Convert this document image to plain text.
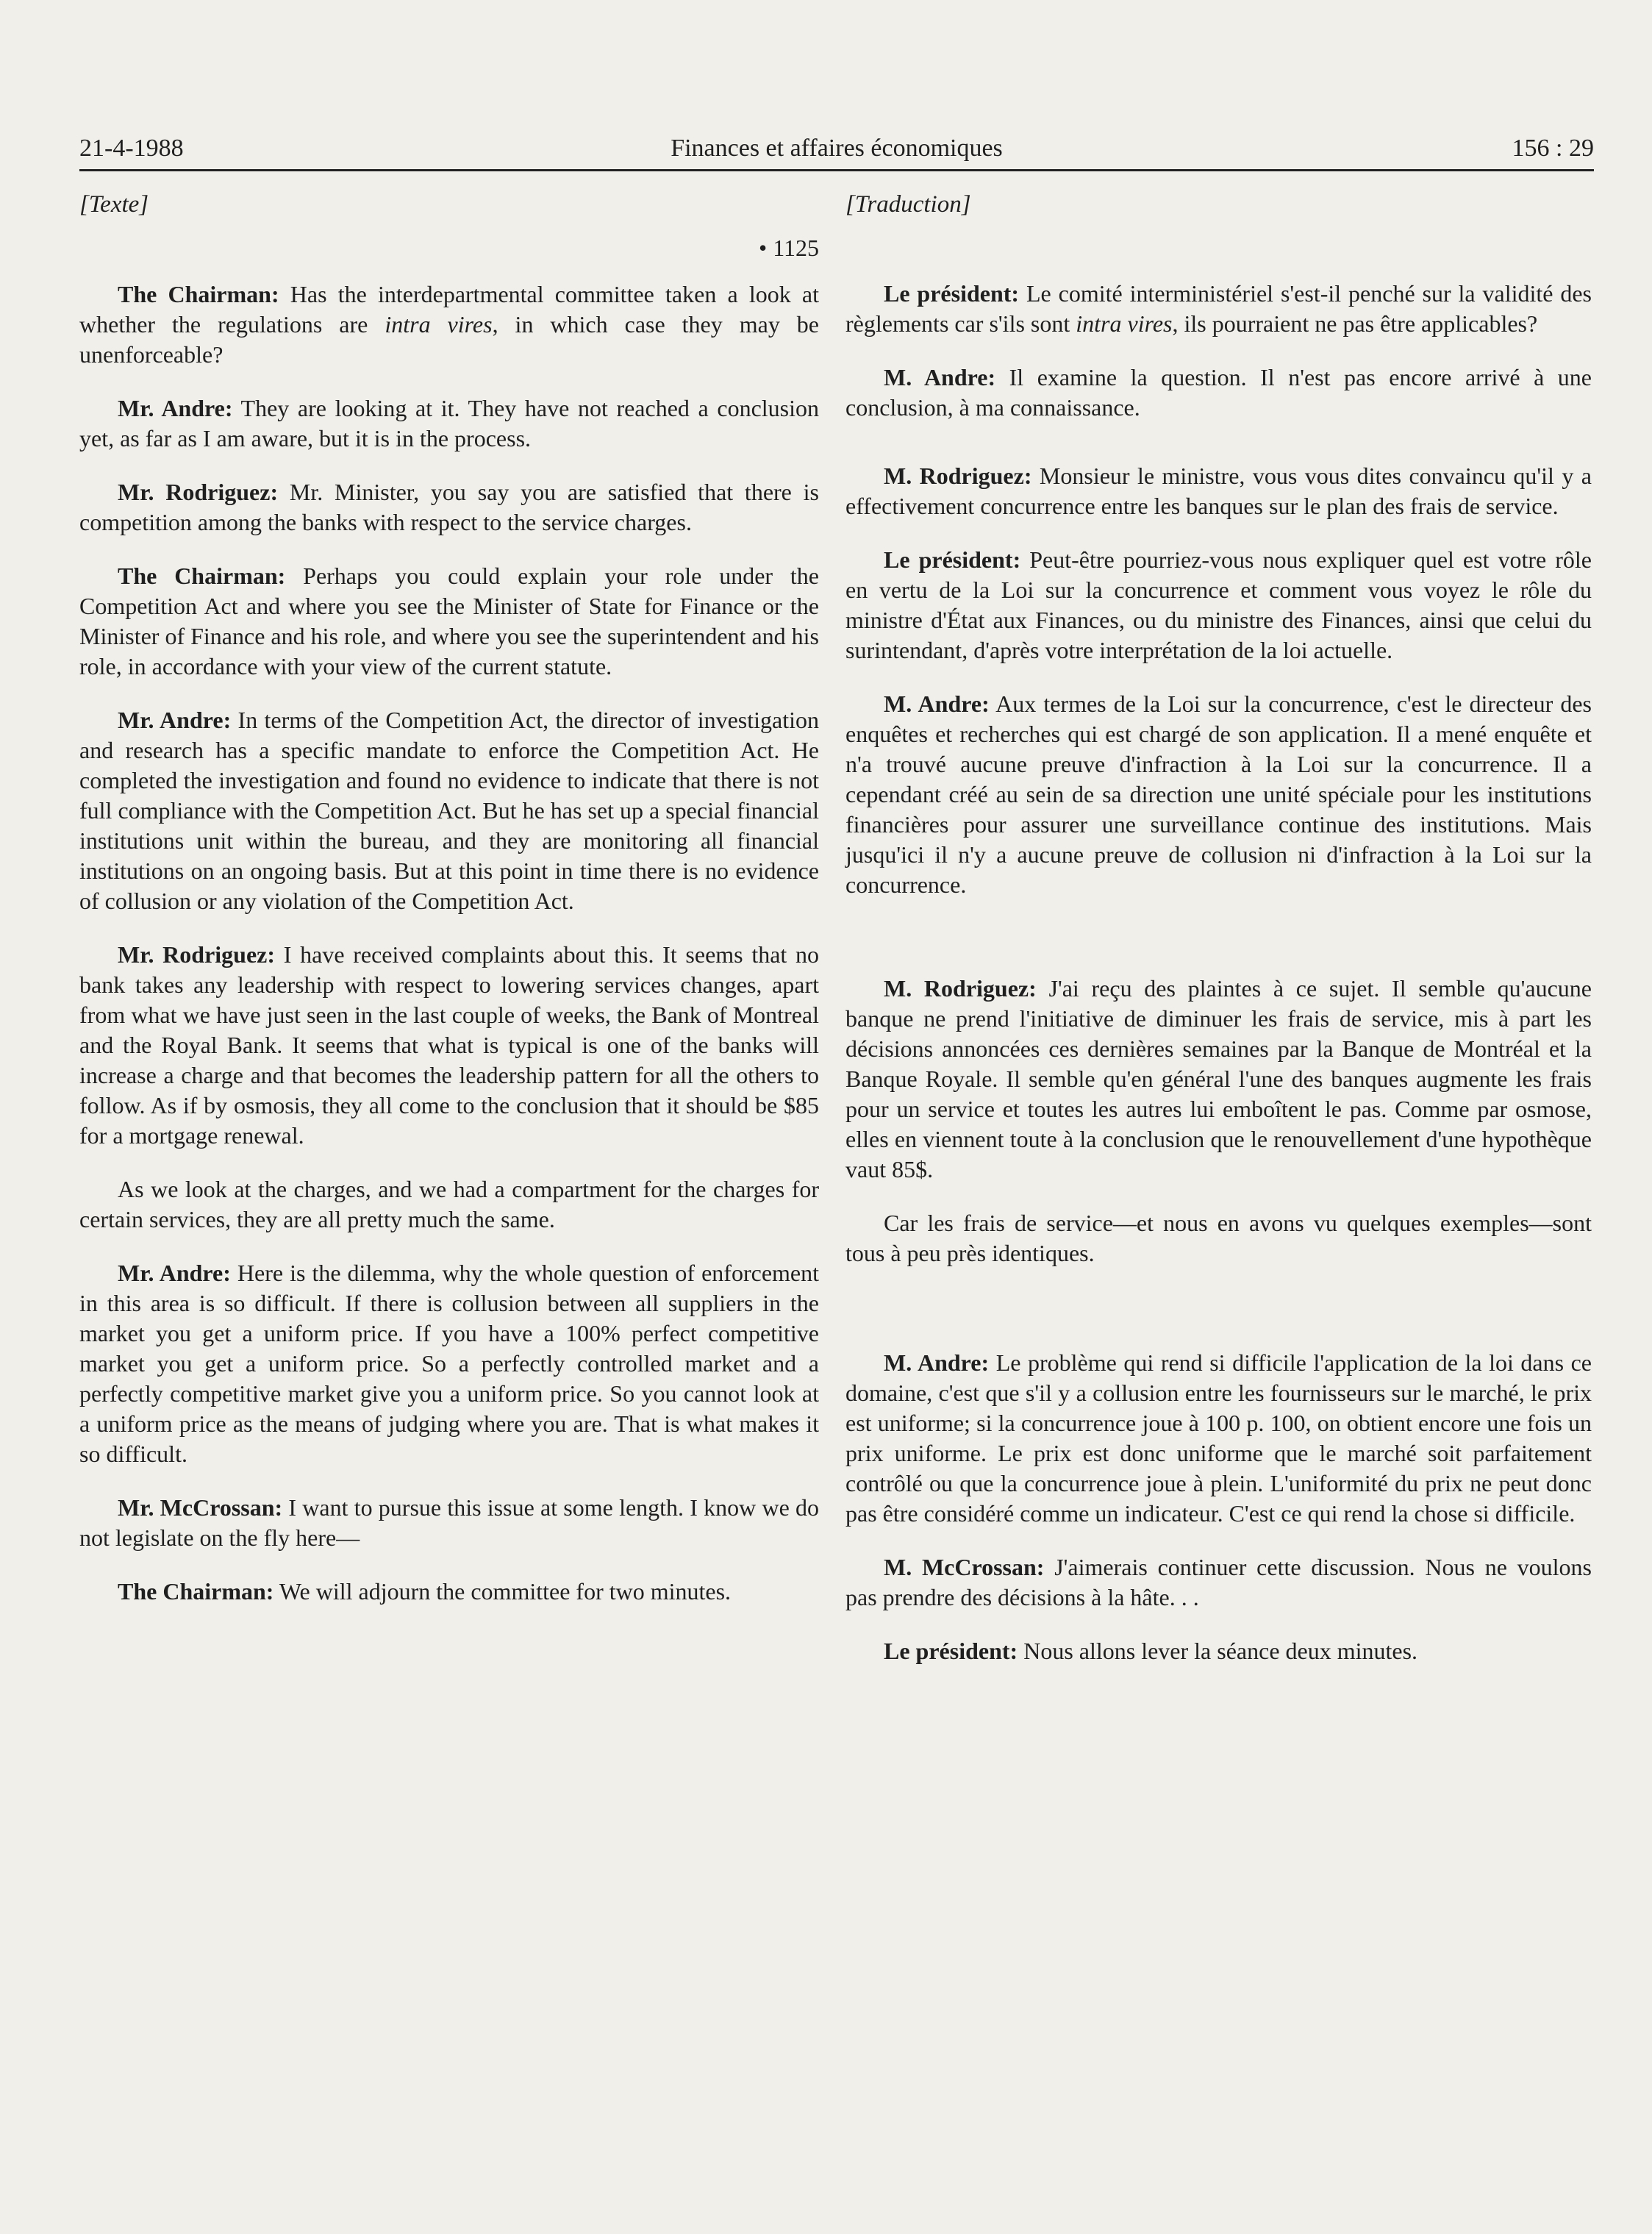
21-4-1988	Finances et affaires économiques	156 : 29
[Texte]
• 1125

The Chairman: Has the interdepartmental committee taken a look at whether the regulations are intra vires, in which case they may be unenforceable?

Mr. Andre: They are looking at it. They have not reached a conclusion yet, as far as I am aware, but it is in the process.

Mr. Rodriguez: Mr. Minister, you say you are satisfied that there is competition among the banks with respect to the service charges.

The Chairman: Perhaps you could explain your role under the Competition Act and where you see the Minister of State for Finance or the Minister of Finance and his role, and where you see the superintendent and his role, in accordance with your view of the current statute.

Mr. Andre: In terms of the Competition Act, the director of investigation and research has a specific mandate to enforce the Competition Act. He completed the investigation and found no evidence to indicate that there is not full compliance with the Competition Act. But he has set up a special financial institutions unit within the bureau, and they are monitoring all financial institutions on an ongoing basis. But at this point in time there is no evidence of collusion or any violation of the Competition Act.

Mr. Rodriguez: I have received complaints about this. It seems that no bank takes any leadership with respect to lowering services changes, apart from what we have just seen in the last couple of weeks, the Bank of Montreal and the Royal Bank. It seems that what is typical is one of the banks will increase a charge and that becomes the leadership pattern for all the others to follow. As if by osmosis, they all come to the conclusion that it should be $85 for a mortgage renewal.

As we look at the charges, and we had a compartment for the charges for certain services, they are all pretty much the same.

Mr. Andre: Here is the dilemma, why the whole question of enforcement in this area is so difficult. If there is collusion between all suppliers in the market you get a uniform price. If you have a 100% perfect competitive market you get a uniform price. So a perfectly controlled market and a perfectly competitive market give you a uniform price. So you cannot look at a uniform price as the means of judging where you are. That is what makes it so difficult.

Mr. McCrossan: I want to pursue this issue at some length. I know we do not legislate on the fly here—

The Chairman: We will adjourn the committee for two minutes.

[Traduction]

Le président: Le comité interministériel s'est-il penché sur la validité des règlements car s'ils sont intra vires, ils pourraient ne pas être applicables?

M. Andre: Il examine la question. Il n'est pas encore arrivé à une conclusion, à ma connaissance.

M. Rodriguez: Monsieur le ministre, vous vous dites convaincu qu'il y a effectivement concurrence entre les banques sur le plan des frais de service.

Le président: Peut-être pourriez-vous nous expliquer quel est votre rôle en vertu de la Loi sur la concurrence et comment vous voyez le rôle du ministre d'État aux Finances, ou du ministre des Finances, ainsi que celui du surintendant, d'après votre interprétation de la loi actuelle.

M. Andre: Aux termes de la Loi sur la concurrence, c'est le directeur des enquêtes et recherches qui est chargé de son application. Il a mené enquête et n'a trouvé aucune preuve d'infraction à la Loi sur la concurrence. Il a cependant créé au sein de sa direction une unité spéciale pour les institutions financières pour assurer une surveillance continue des institutions. Mais jusqu'ici il n'y a aucune preuve de collusion ni d'infraction à la Loi sur la concurrence.

M. Rodriguez: J'ai reçu des plaintes à ce sujet. Il semble qu'aucune banque ne prend l'initiative de diminuer les frais de service, mis à part les décisions annoncées ces dernières semaines par la Banque de Montréal et la Banque Royale. Il semble qu'en général l'une des banques augmente les frais pour un service et toutes les autres lui emboîtent le pas. Comme par osmose, elles en viennent toute à la conclusion que le renouvellement d'une hypothèque vaut 85$.

Car les frais de service—et nous en avons vu quelques exemples—sont tous à peu près identiques.

M. Andre: Le problème qui rend si difficile l'application de la loi dans ce domaine, c'est que s'il y a collusion entre les fournisseurs sur le marché, le prix est uniforme; si la concurrence joue à 100 p. 100, on obtient encore une fois un prix uniforme. Le prix est donc uniforme que le marché soit parfaitement contrôlé ou que la concurrence joue à plein. L'uniformité du prix ne peut donc pas être considéré comme un indicateur. C'est ce qui rend la chose si difficile.

M. McCrossan: J'aimerais continuer cette discussion. Nous ne voulons pas prendre des décisions à la hâte. . .

Le président: Nous allons lever la séance deux minutes.
